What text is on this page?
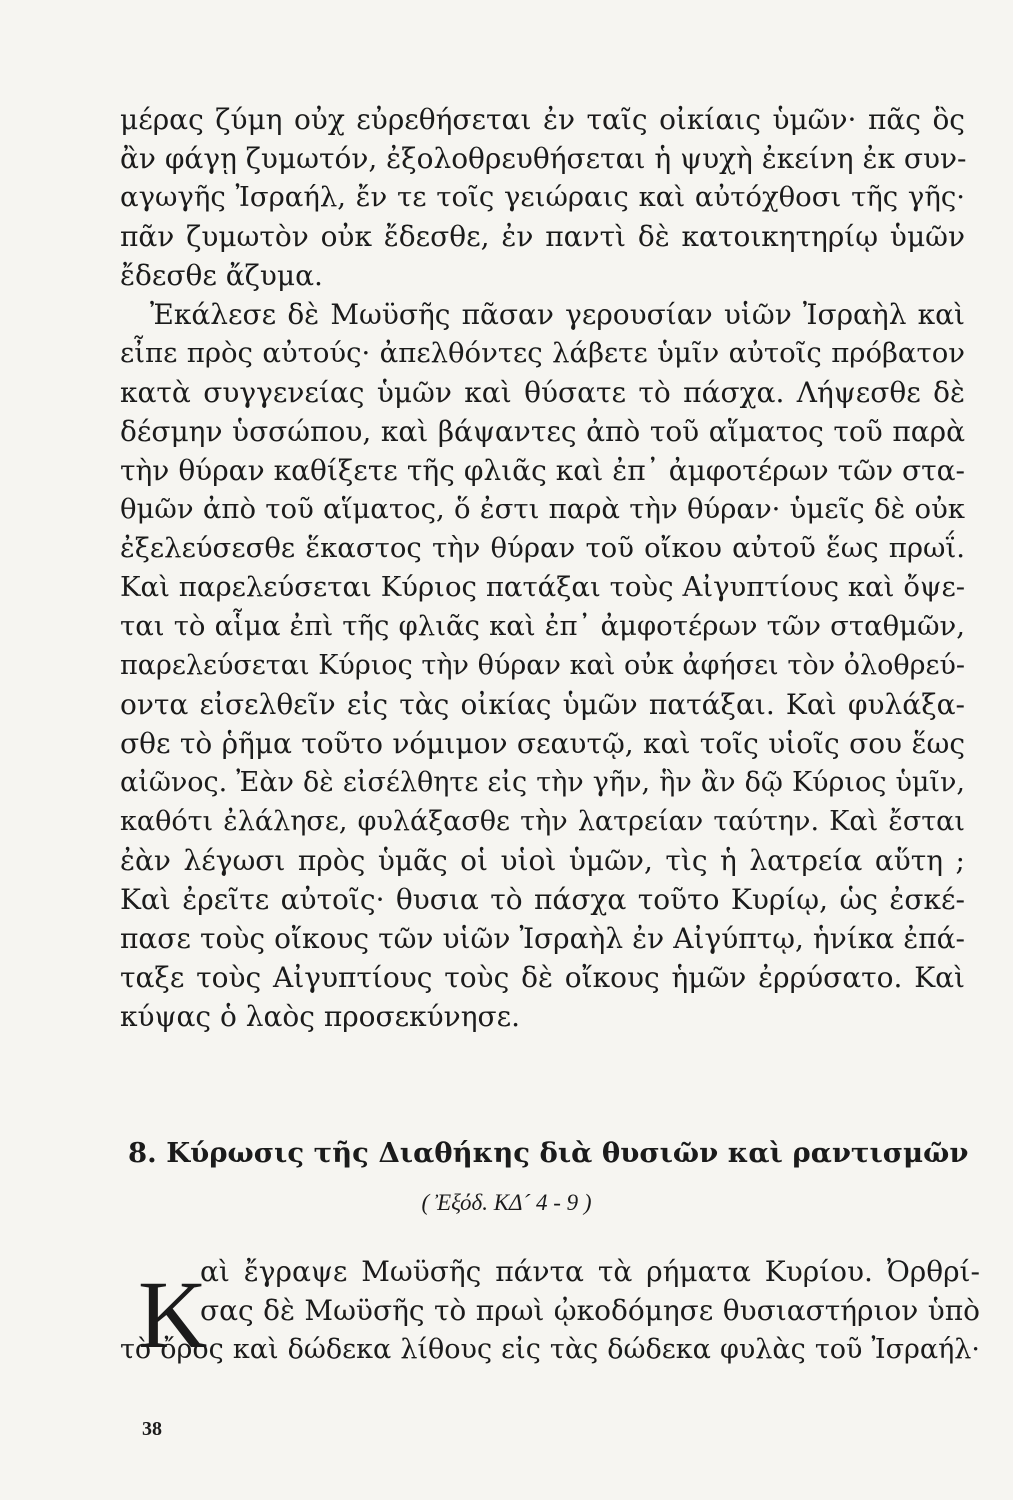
μέρας ζύμη οὐχ εὐρεθήσεται ἐν ταῖς οἰκίαις ὑμῶν· πᾶς ὃς
ἂν φάγῃ ζυμωτόν, ἐξολοθρευθήσεται ἡ ψυχὴ ἐκείνη ἐκ συν-
αγωγῆς Ἰσραήλ, ἔν τε τοῖς γειώραις καὶ αὐτόχθοσι τῆς γῆς·
πᾶν ζυμωτὸν οὐκ ἔδεσθε, ἐν παντὶ δὲ κατοικητηρίῳ ὑμῶν
ἔδεσθε ἄζυμα.
Ἐκάλεσε δὲ Μωϋσῆς πᾶσαν γερουσίαν υἱῶν Ἰσραὴλ καὶ
εἶπε πρὸς αὐτούς· ἀπελθόντες λάβετε ὑμῖν αὐτοῖς πρόβατον
κατὰ συγγενείας ὑμῶν καὶ θύσατε τὸ πάσχα. Λήψεσθε δὲ
δέσμην ὑσσώπου, καὶ βάψαντες ἀπὸ τοῦ αἵματος τοῦ παρὰ
τὴν θύραν καθίξετε τῆς φλιᾶς καὶ ἐπ᾽ ἀμφοτέρων τῶν στα-
θμῶν ἀπὸ τοῦ αἵματος, ὅ ἐστι παρὰ τὴν θύραν· ὑμεῖς δὲ οὐκ
ἐξελεύσεσθε ἕκαστος τὴν θύραν τοῦ οἴκου αὐτοῦ ἕως πρωΐ.
Καὶ παρελεύσεται Κύριος πατάξαι τοὺς Αἰγυπτίους καὶ ὄψε-
ται τὸ αἷμα ἐπὶ τῆς φλιᾶς καὶ ἐπ᾽ ἀμφοτέρων τῶν σταθμῶν,
παρελεύσεται Κύριος τὴν θύραν καὶ οὐκ ἀφήσει τὸν ὀλοθρεύ-
οντα εἰσελθεῖν εἰς τὰς οἰκίας ὑμῶν πατάξαι. Καὶ φυλάξα-
σθε τὸ ῥῆμα τοῦτο νόμιμον σεαυτῷ, καὶ τοῖς υἱοῖς σου ἕως
αἰῶνος. Ἐὰν δὲ εἰσέλθητε εἰς τὴν γῆν, ἣν ἂν δῷ Κύριος ὑμῖν,
καθότι ἐλάλησε, φυλάξασθε τὴν λατρείαν ταύτην. Καὶ ἔσται
ἐὰν λέγωσι πρὸς ὑμᾶς οἱ υἱοὶ ὑμῶν, τὶς ἡ λατρεία αὕτη ;
Καὶ ἐρεῖτε αὐτοῖς· θυσια τὸ πάσχα τοῦτο Κυρίῳ, ὡς ἐσκέ-
πασε τοὺς οἴκους τῶν υἱῶν Ἰσραὴλ ἐν Αἰγύπτῳ, ἡνίκα ἐπά-
ταξε τοὺς Αἰγυπτίους τοὺς δὲ οἴκους ἡμῶν ἐρρύσατο. Καὶ
κύψας ὁ λαὸς προσεκύνησε.
8. Κύρωσις τῆς Διαθήκης διὰ θυσιῶν καὶ ραντισμῶν
( Ἐξόδ. ΚΔ´ 4 - 9 )
Κ
αὶ ἔγραψε Μωϋσῆς πάντα τὰ ρήματα Κυρίου. Ὀρθρί-
σας δὲ Μωϋσῆς τὸ πρωὶ ᾠκοδόμησε θυσιαστήριον ὑπὸ
τὸ ὄρος καὶ δώδεκα λίθους εἰς τὰς δώδεκα φυλὰς τοῦ Ἰσραήλ·
38
